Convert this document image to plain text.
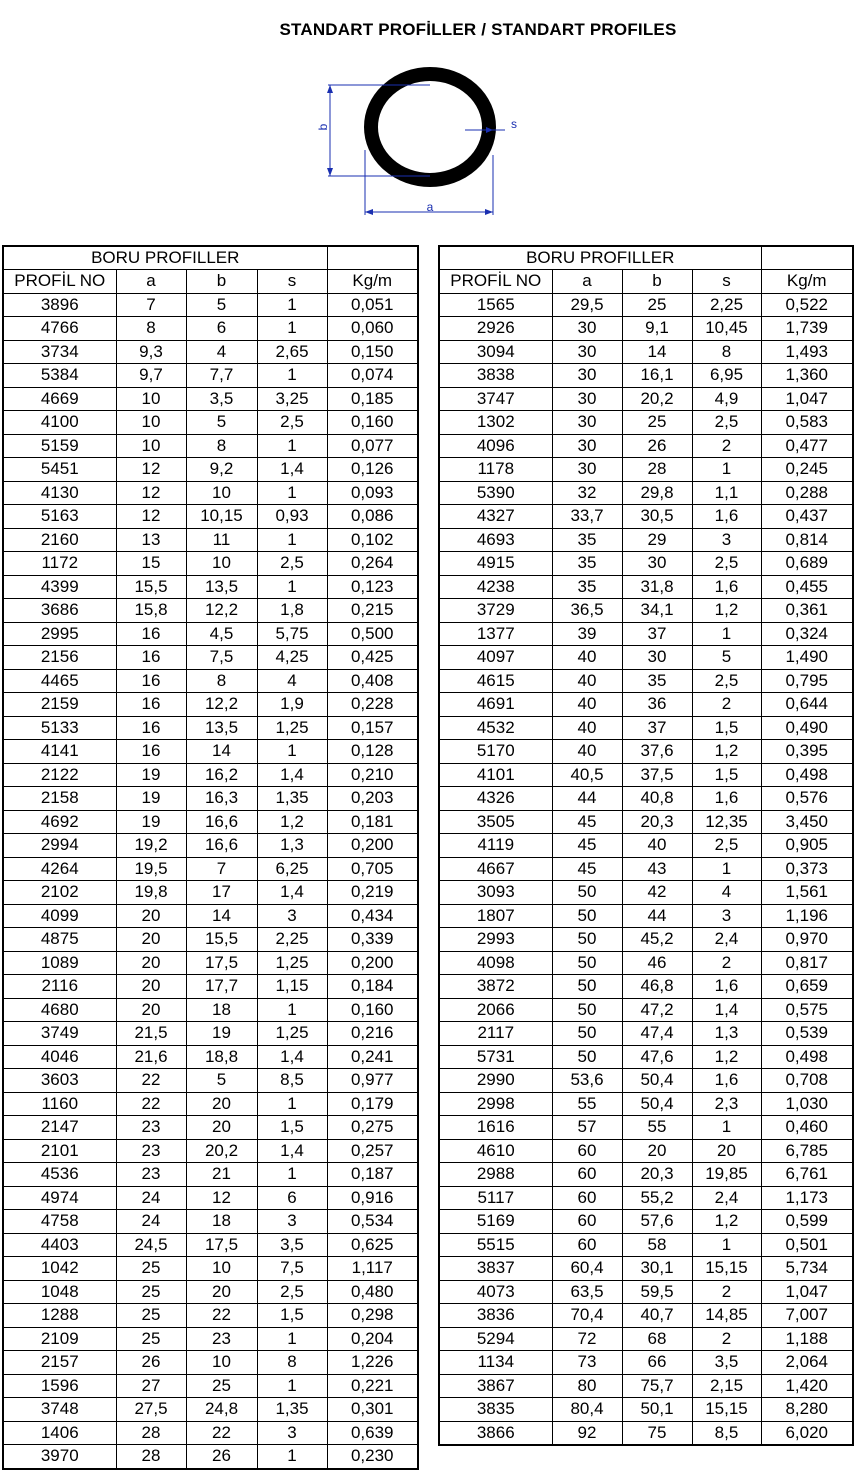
STANDART PROFİLLER / STANDART PROFILES
b
a
s
BORU PROFILLER				
PROFİL NO	a	b	s	Kg/m
3896	7	5	1	0,051
4766	8	6	1	0,060
3734	9,3	4	2,65	0,150
5384	9,7	7,7	1	0,074
4669	10	3,5	3,25	0,185
4100	10	5	2,5	0,160
5159	10	8	1	0,077
5451	12	9,2	1,4	0,126
4130	12	10	1	0,093
5163	12	10,15	0,93	0,086
2160	13	11	1	0,102
1172	15	10	2,5	0,264
4399	15,5	13,5	1	0,123
3686	15,8	12,2	1,8	0,215
2995	16	4,5	5,75	0,500
2156	16	7,5	4,25	0,425
4465	16	8	4	0,408
2159	16	12,2	1,9	0,228
5133	16	13,5	1,25	0,157
4141	16	14	1	0,128
2122	19	16,2	1,4	0,210
2158	19	16,3	1,35	0,203
4692	19	16,6	1,2	0,181
2994	19,2	16,6	1,3	0,200
4264	19,5	7	6,25	0,705
2102	19,8	17	1,4	0,219
4099	20	14	3	0,434
4875	20	15,5	2,25	0,339
1089	20	17,5	1,25	0,200
2116	20	17,7	1,15	0,184
4680	20	18	1	0,160
3749	21,5	19	1,25	0,216
4046	21,6	18,8	1,4	0,241
3603	22	5	8,5	0,977
1160	22	20	1	0,179
2147	23	20	1,5	0,275
2101	23	20,2	1,4	0,257
4536	23	21	1	0,187
4974	24	12	6	0,916
4758	24	18	3	0,534
4403	24,5	17,5	3,5	0,625
1042	25	10	7,5	1,117
1048	25	20	2,5	0,480
1288	25	22	1,5	0,298
2109	25	23	1	0,204
2157	26	10	8	1,226
1596	27	25	1	0,221
3748	27,5	24,8	1,35	0,301
1406	28	22	3	0,639
3970	28	26	1	0,230
BORU PROFILLER				
PROFİL NO	a	b	s	Kg/m
1565	29,5	25	2,25	0,522
2926	30	9,1	10,45	1,739
3094	30	14	8	1,493
3838	30	16,1	6,95	1,360
3747	30	20,2	4,9	1,047
1302	30	25	2,5	0,583
4096	30	26	2	0,477
1178	30	28	1	0,245
5390	32	29,8	1,1	0,288
4327	33,7	30,5	1,6	0,437
4693	35	29	3	0,814
4915	35	30	2,5	0,689
4238	35	31,8	1,6	0,455
3729	36,5	34,1	1,2	0,361
1377	39	37	1	0,324
4097	40	30	5	1,490
4615	40	35	2,5	0,795
4691	40	36	2	0,644
4532	40	37	1,5	0,490
5170	40	37,6	1,2	0,395
4101	40,5	37,5	1,5	0,498
4326	44	40,8	1,6	0,576
3505	45	20,3	12,35	3,450
4119	45	40	2,5	0,905
4667	45	43	1	0,373
3093	50	42	4	1,561
1807	50	44	3	1,196
2993	50	45,2	2,4	0,970
4098	50	46	2	0,817
3872	50	46,8	1,6	0,659
2066	50	47,2	1,4	0,575
2117	50	47,4	1,3	0,539
5731	50	47,6	1,2	0,498
2990	53,6	50,4	1,6	0,708
2998	55	50,4	2,3	1,030
1616	57	55	1	0,460
4610	60	20	20	6,785
2988	60	20,3	19,85	6,761
5117	60	55,2	2,4	1,173
5169	60	57,6	1,2	0,599
5515	60	58	1	0,501
3837	60,4	30,1	15,15	5,734
4073	63,5	59,5	2	1,047
3836	70,4	40,7	14,85	7,007
5294	72	68	2	1,188
1134	73	66	3,5	2,064
3867	80	75,7	2,15	1,420
3835	80,4	50,1	15,15	8,280
3866	92	75	8,5	6,020
